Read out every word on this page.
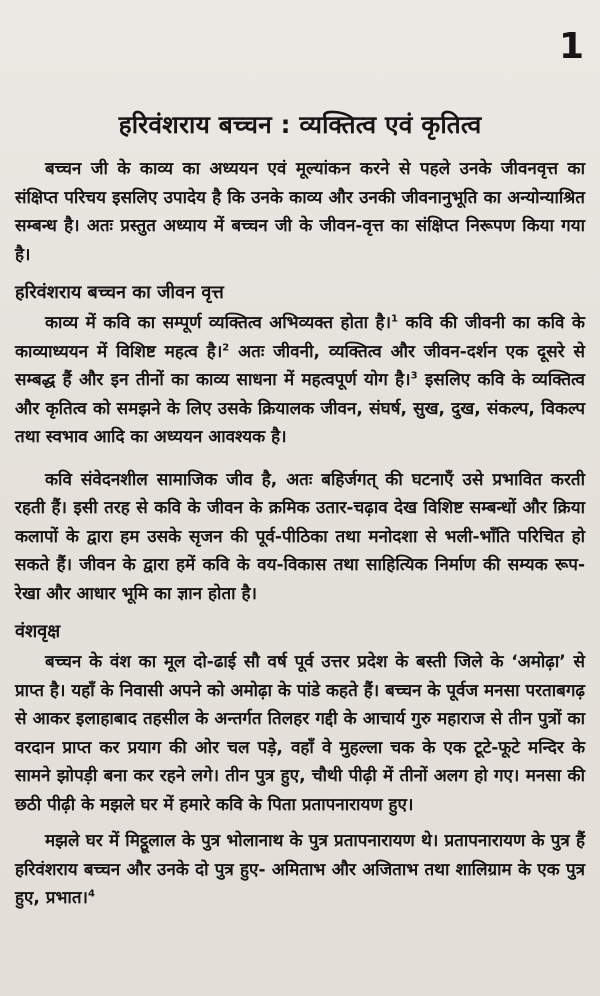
1
हरिवंशराय बच्चन : व्यक्तित्व एवं कृतित्व

बच्चन जी के काव्य का अध्ययन एवं मूल्यांकन करने से पहले उनके जीवनवृत्त का संक्षिप्त परिचय इसलिए उपादेय है कि उनके काव्य और उनकी जीवनानुभूति का अन्योन्याश्रित सम्बन्ध है। अतः प्रस्तुत अध्याय में बच्चन जी के जीवन-वृत्त का संक्षिप्त निरूपण किया गया है।

हरिवंशराय बच्चन का जीवन वृत्त

काव्य में कवि का सम्पूर्ण व्यक्तित्व अभिव्यक्त होता है।$^1$ कवि की जीवनी का कवि के काव्याध्ययन में विशिष्ट महत्व है।$^2$ अतः जीवनी, व्यक्तित्व और जीवन-दर्शन एक दूसरे से सम्बद्ध हैं और इन तीनों का काव्य साधना में महत्वपूर्ण योग है।$^3$ इसलिए कवि के व्यक्तित्व और कृतित्व को समझने के लिए उसके क्रियालक जीवन, संघर्ष, सुख, दुख, संकल्प, विकल्प तथा स्वभाव आदि का अध्ययन आवश्यक है।

कवि संवेदनशील सामाजिक जीव है, अतः बहिर्जगत् की घटनाएँ उसे प्रभावित करती रहती हैं। इसी तरह से कवि के जीवन के क्रमिक उतार-चढ़ाव देख विशिष्ट सम्बन्धों और क्रिया कलापों के द्वारा हम उसके सृजन की पूर्व-पीठिका तथा मनोदशा से भली-भाँति परिचित हो सकते हैं। जीवन के द्वारा हमें कवि के वय-विकास तथा साहित्यिक निर्माण की सम्यक रूप-रेखा और आधार भूमि का ज्ञान होता है।

वंशवृक्ष

बच्चन के वंश का मूल दो-ढाई सौ वर्ष पूर्व उत्तर प्रदेश के बस्ती जिले के ‘अमोढ़ा’ से प्राप्त है। यहाँ के निवासी अपने को अमोढ़ा के पांडे कहते हैं। बच्चन के पूर्वज मनसा परताबगढ़ से आकर इलाहाबाद तहसील के अन्तर्गत तिलहर गद्दी के आचार्य गुरु महाराज से तीन पुत्रों का वरदान प्राप्त कर प्रयाग की ओर चल पड़े, वहाँ वे मुहल्ला चक के एक टूटे-फूटे मन्दिर के सामने झोपड़ी बना कर रहने लगे। तीन पुत्र हुए, चौथी पीढ़ी में तीनों अलग हो गए। मनसा की छठी पीढ़ी के मझले घर में हमारे कवि के पिता प्रतापनारायण हुए।

मझले घर में मिट्ठूलाल के पुत्र भोलानाथ के पुत्र प्रतापनारायण थे। प्रतापनारायण के पुत्र हैं हरिवंशराय बच्चन और उनके दो पुत्र हुए- अमिताभ और अजिताभ तथा शालिग्राम के एक पुत्र हुए, प्रभात।$^4$
